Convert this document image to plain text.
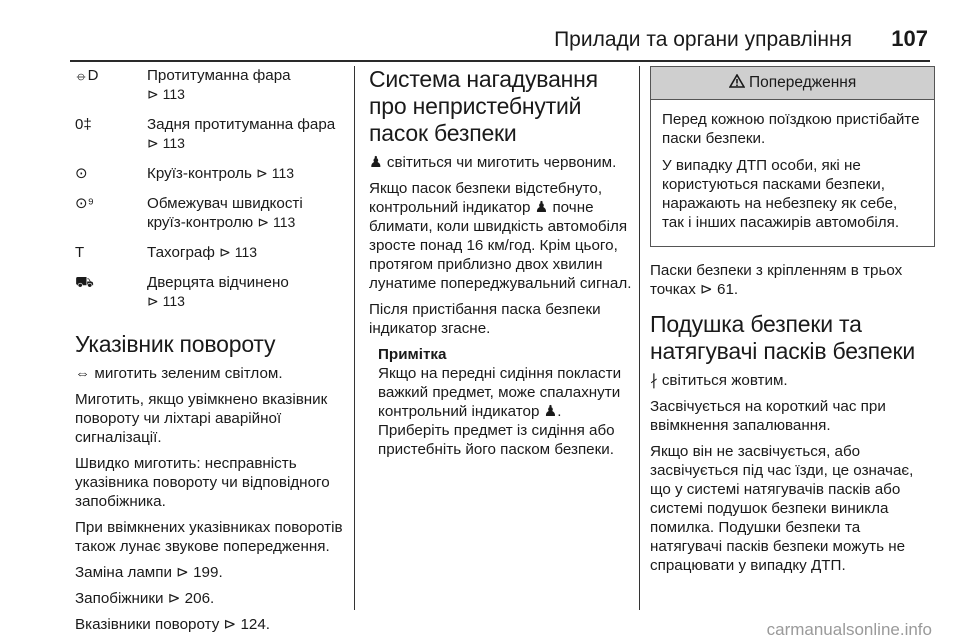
Прилади та органи управління 107
⦵D	Протитуманна фара
⊳ 113
0‡	Задня протитуманна фара ⊳ 113
⊙	Круїз-контроль ⊳ 113
⊙⁹	Обмежувач швидкості круїз-контролю ⊳ 113
T	Тахограф ⊳ 113
⛟	Дверцята відчинено
⊳ 113
Указівник повороту

⇔ миготить зеленим світлом.

Миготить, якщо увімкнено вказівник повороту чи ліхтарі аварійної сигналізації.

Швидко миготить: несправність указівника повороту чи відповідного запобіжника.

При ввімкнених указівниках поворотів також лунає звукове попередження.

Заміна лампи ⊳ 199.

Запобіжники ⊳ 206.

Вказівники повороту ⊳ 124.

Система нагадування про непристебнутий пасок безпеки

♟ світиться чи миготить червоним.

Якщо пасок безпеки відстебнуто, контрольний індикатор ♟ почне блимати, коли швидкість автомобіля зросте понад 16 км/год. Крім цього, протягом приблизно двох хвилин лунатиме попереджувальний сигнал.

Після пристібання паска безпеки індикатор згасне.

Примітка
Якщо на передні сидіння покласти важкий предмет, може спалахнути контрольний індикатор ♟.
Приберіть предмет із сидіння або пристебніть його паском безпеки.
Попередження

Перед кожною поїздкою пристібайте паски безпеки.

У випадку ДТП особи, які не користуються пасками безпеки, наражають на небезпеку як себе, так і інших пасажирів автомобіля.

Паски безпеки з кріпленням в трьох точках ⊳ 61.

Подушка безпеки та натягувачі пасків безпеки

∤ світиться жовтим.

Засвічується на короткий час при ввімкнення запалювання.

Якщо він не засвічується, або засвічується під час їзди, це означає, що у системі натягувачів пасків або системі подушок безпеки виникла помилка. Подушки безпеки та натягувачі пасків безпеки можуть не спрацювати у випадку ДТП.

carmanualsonline.info
